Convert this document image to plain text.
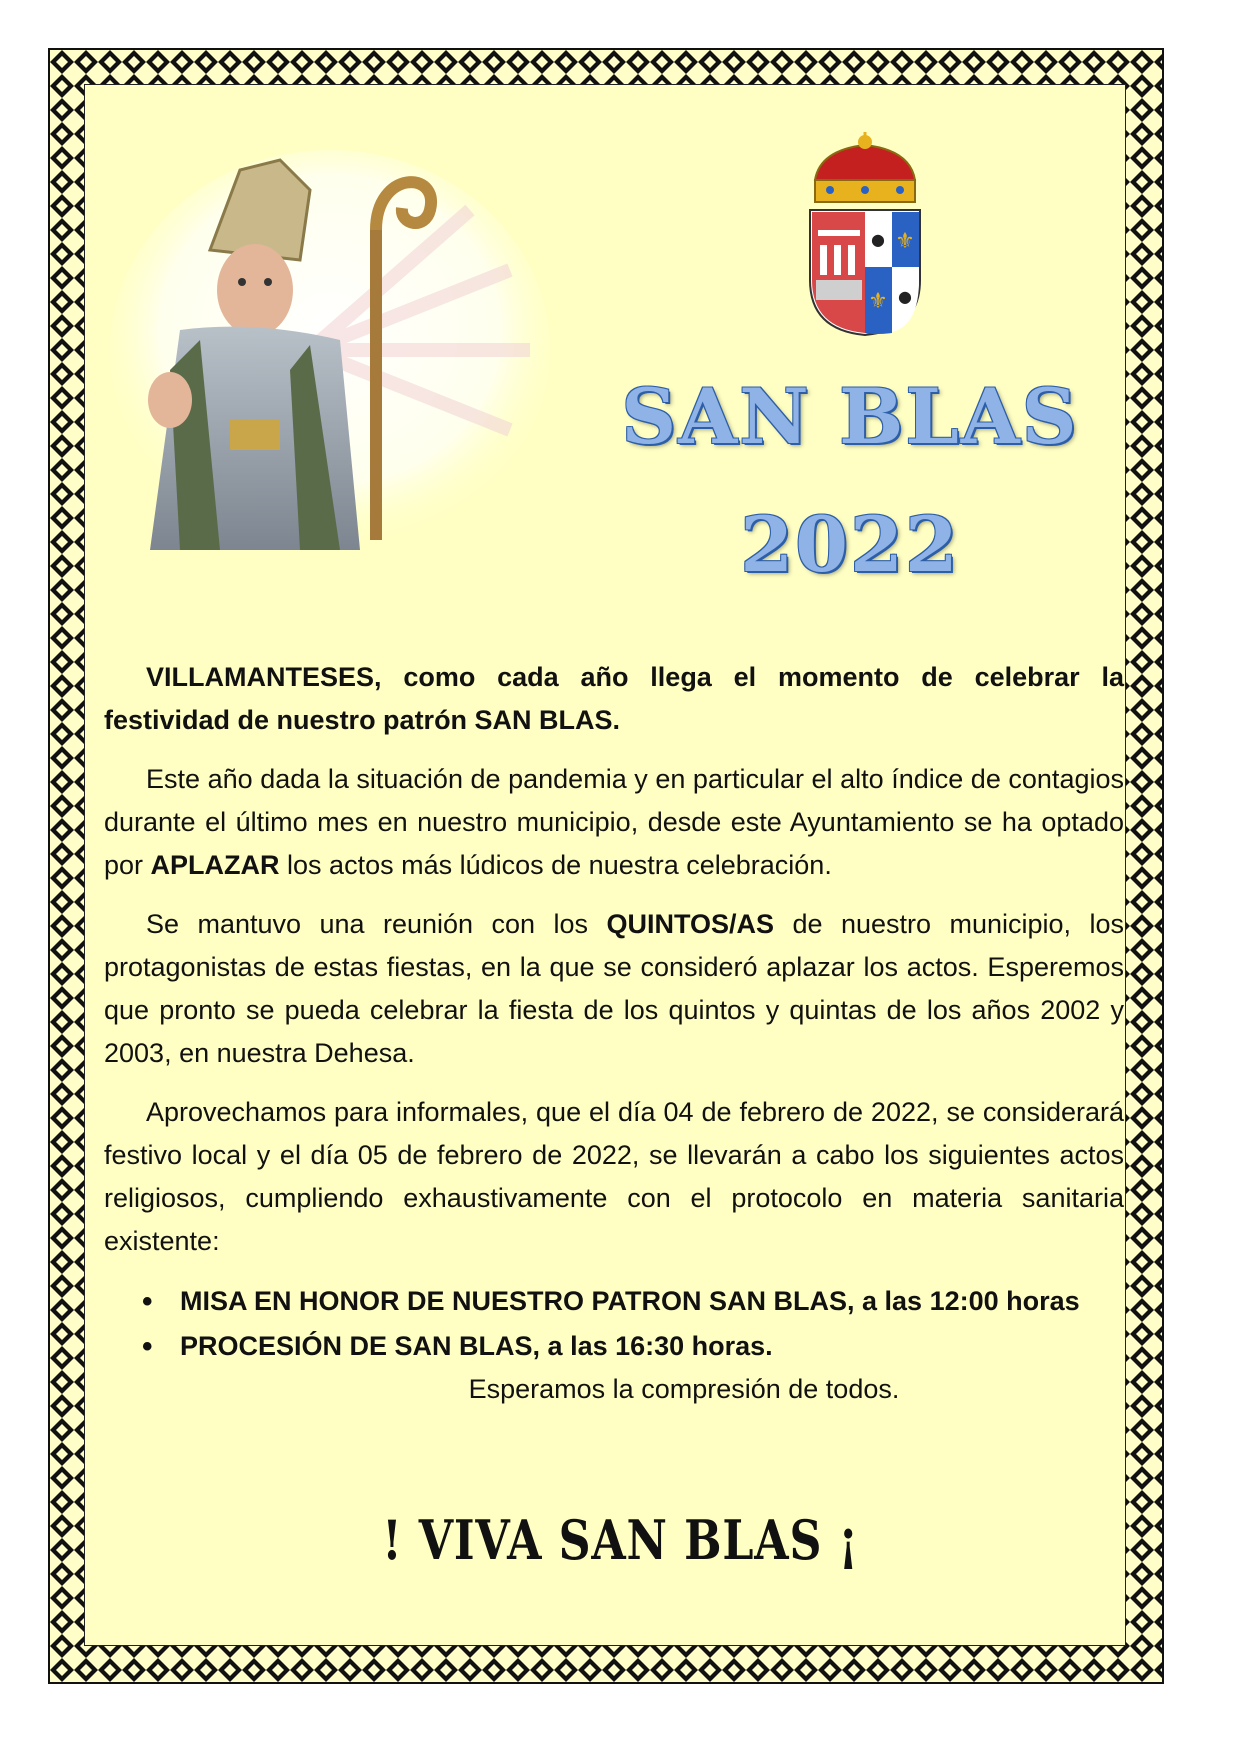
● ⚜
⚜ ●
SAN BLAS
2022

VILLAMANTESES, como cada año llega el momento de celebrar la festividad de nuestro patrón SAN BLAS.

Este año dada la situación de pandemia y en particular el alto índice de contagios durante el último mes en nuestro municipio, desde este Ayuntamiento se ha optado por APLAZAR los actos más lúdicos de nuestra celebración.

Se mantuvo una reunión con los QUINTOS/AS de nuestro municipio, los protagonistas de estas fiestas, en la que se consideró aplazar los actos. Esperemos que pronto se pueda celebrar la fiesta de los quintos y quintas de los años 2002 y 2003, en nuestra Dehesa.

Aprovechamos para informales, que el día 04 de febrero de 2022, se considerará festivo local y el día 05 de febrero de 2022, se llevarán a cabo los siguientes actos religiosos, cumpliendo exhaustivamente con el protocolo en materia sanitaria existente:

• MISA EN HONOR DE NUESTRO PATRON SAN BLAS, a las 12:00 horas
• PROCESIÓN DE SAN BLAS, a las 16:30 horas.
Esperamos la compresión de todos.
! VIVA SAN BLAS ¡
